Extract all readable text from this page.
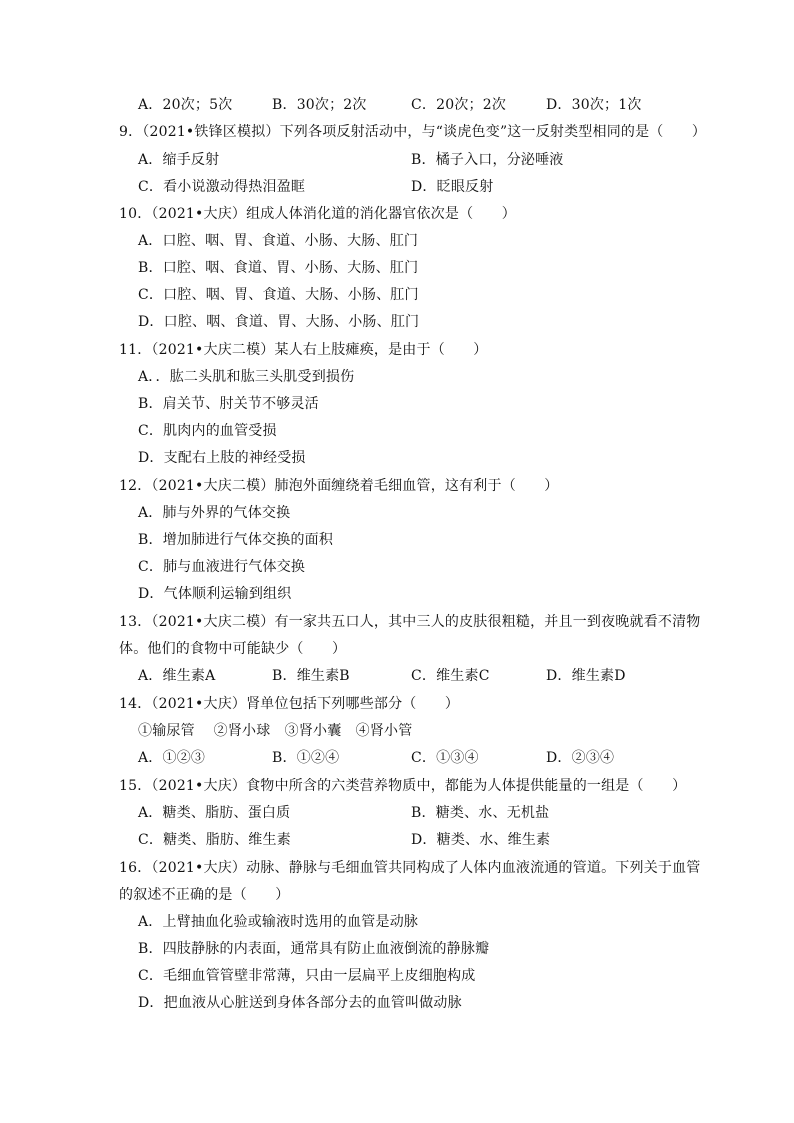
A．20次；5次	B．30次；2次	C．20次；2次	D．30次；1次
9．（2021•铁锋区模拟）下列各项反射活动中，与“谈虎色变”这一反射类型相同的是（　　）
A．缩手反射	B．橘子入口，分泌唾液
C．看小说激动得热泪盈眶	D．眨眼反射
10．（2021•大庆）组成人体消化道的消化器官依次是（　　）
A．口腔、咽、胃、食道、小肠、大肠、肛门
B．口腔、咽、食道、胃、小肠、大肠、肛门
C．口腔、咽、胃、食道、大肠、小肠、肛门
D．口腔、咽、食道、胃、大肠、小肠、肛门
11．（2021•大庆二模）某人右上肢瘫痪，是由于（　　）
A．．肱二头肌和肱三头肌受到损伤
B．肩关节、肘关节不够灵活
C．肌肉内的血管受损
D．支配右上肢的神经受损
12．（2021•大庆二模）肺泡外面缠绕着毛细血管，这有利于（　　）
A．肺与外界的气体交换
B．增加肺进行气体交换的面积
C．肺与血液进行气体交换
D．气体顺利运输到组织
13．（2021•大庆二模）有一家共五口人，其中三人的皮肤很粗糙，并且一到夜晚就看不清物
体。他们的食物中可能缺少（　　）
A．维生素A	B．维生素B	C．维生素C	D．维生素D
14．（2021•大庆）肾单位包括下列哪些部分（　　）
①输尿管　 ②肾小球　③肾小囊　④肾小管
A．①②③	B．①②④	C．①③④	D．②③④
15．（2021•大庆）食物中所含的六类营养物质中，都能为人体提供能量的一组是（　　）
A．糖类、脂肪、蛋白质	B．糖类、水、无机盐
C．糖类、脂肪、维生素	D．糖类、水、维生素
16．（2021•大庆）动脉、静脉与毛细血管共同构成了人体内血液流通的管道。下列关于血管
的叙述不正确的是（　　）
A．上臂抽血化验或输液时选用的血管是动脉
B．四肢静脉的内表面，通常具有防止血液倒流的静脉瓣
C．毛细血管管壁非常薄，只由一层扁平上皮细胞构成
D．把血液从心脏送到身体各部分去的血管叫做动脉
